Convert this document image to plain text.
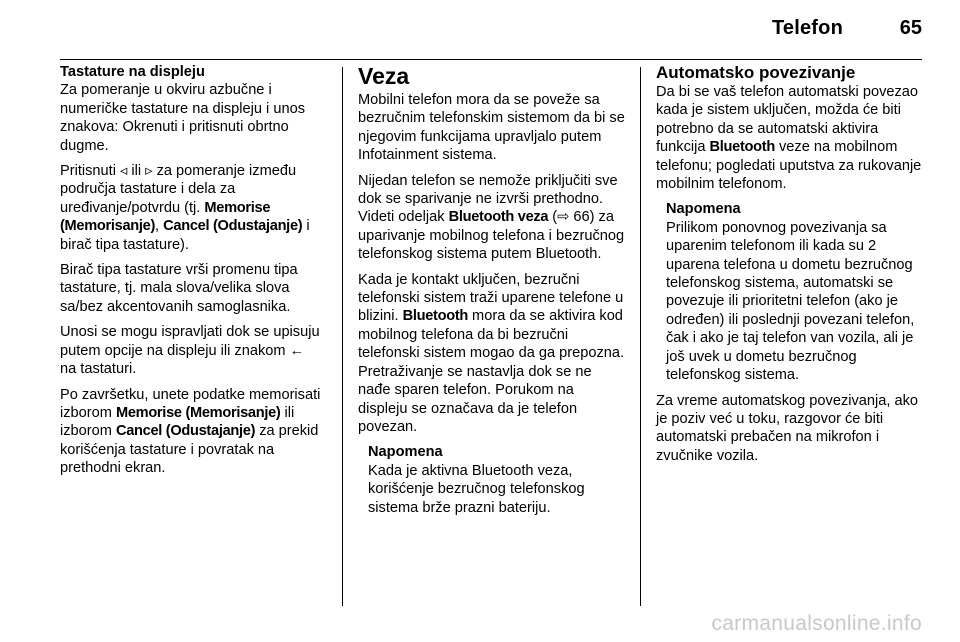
Telefon	65
Tastature na displeju

Za pomeranje u okviru azbučne i numeričke tastature na displeju i unos znakova: Okrenuti i pritisnuti obrtno dugme.

Pritisnuti ◃ ili ▹ za pomeranje između područja tastature i dela za uređivanje/potvrdu (tj. Memorise (Memorisanje), Cancel (Odustajanje) i birač tipa tastature).

Birač tipa tastature vrši promenu tipa tastature, tj. mala slova/velika slova sa/bez akcentovanih samoglasnika.

Unosi se mogu ispravljati dok se upisuju putem opcije na displeju ili znakom ← na tastaturi.

Po završetku, unete podatke memorisati izborom Memorise (Memorisanje) ili izborom Cancel (Odustajanje) za prekid korišćenja tastature i povratak na prethodni ekran.

Veza

Mobilni telefon mora da se poveže sa bezručnim telefonskim sistemom da bi se njegovim funkcijama upravljalo putem Infotainment sistema.

Nijedan telefon se nemože priključiti sve dok se sparivanje ne izvrši prethodno. Videti odeljak Bluetooth veza (⇨ 66) za uparivanje mobilnog telefona i bezručnog telefonskog sistema putem Bluetooth.

Kada je kontakt uključen, bezručni telefonski sistem traži uparene telefone u blizini. Bluetooth mora da se aktivira kod mobilnog telefona da bi bezručni telefonski sistem mogao da ga prepozna. Pretraživanje se nastavlja dok se ne nađe sparen telefon. Porukom na displeju se označava da je telefon povezan.

Napomena
Kada je aktivna Bluetooth veza, korišćenje bezručnog telefonskog sistema brže prazni bateriju.
Automatsko povezivanje

Da bi se vaš telefon automatski povezao kada je sistem uključen, možda će biti potrebno da se automatski aktivira funkcija Bluetooth veze na mobilnom telefonu; pogledati uputstva za rukovanje mobilnim telefonom.

Napomena
Prilikom ponovnog povezivanja sa uparenim telefonom ili kada su 2 uparena telefona u dometu bezručnog telefonskog sistema, automatski se povezuje ili prioritetni telefon (ako je određen) ili poslednji povezani telefon, čak i ako je taj telefon van vozila, ali je još uvek u dometu bezručnog telefonskog sistema.

Za vreme automatskog povezivanja, ako je poziv već u toku, razgovor će biti automatski prebačen na mikrofon i zvučnike vozila.

carmanualsonline.info
